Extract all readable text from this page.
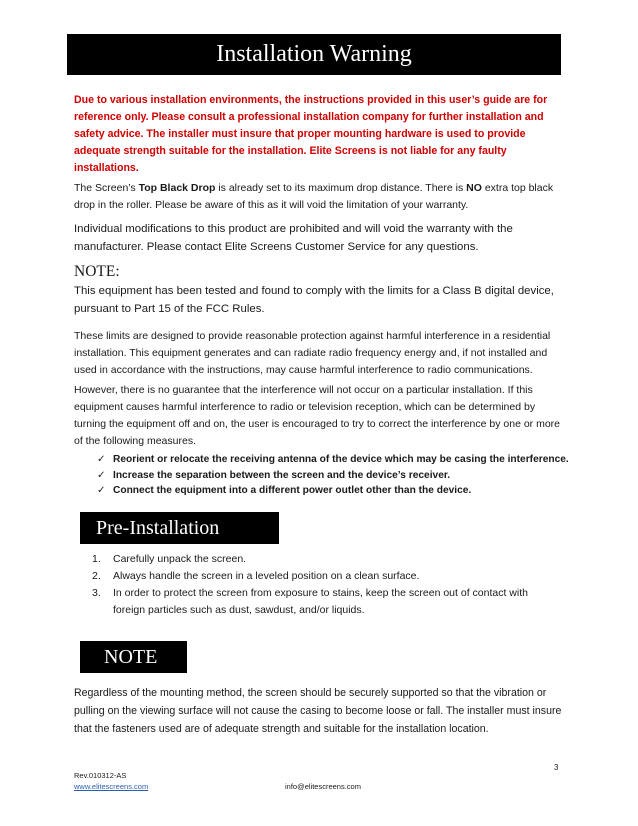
Installation Warning
Due to various installation environments, the instructions provided in this user’s guide are for reference only. Please consult a professional installation company for further installation and safety advice. The installer must insure that proper mounting hardware is used to provide adequate strength suitable for the installation. Elite Screens is not liable for any faulty installations.
The Screen’s Top Black Drop is already set to its maximum drop distance. There is NO extra top black drop in the roller. Please be aware of this as it will void the limitation of your warranty.
Individual modifications to this product are prohibited and will void the warranty with the manufacturer. Please contact Elite Screens Customer Service for any questions.
NOTE:
This equipment has been tested and found to comply with the limits for a Class B digital device, pursuant to Part 15 of the FCC Rules.
These limits are designed to provide reasonable protection against harmful interference in a residential installation. This equipment generates and can radiate radio frequency energy and, if not installed and used in accordance with the instructions, may cause harmful interference to radio communications.
However, there is no guarantee that the interference will not occur on a particular installation. If this equipment causes harmful interference to radio or television reception, which can be determined by turning the equipment off and on, the user is encouraged to try to correct the interference by one or more of the following measures.
✓ Reorient or relocate the receiving antenna of the device which may be casing the interference.
✓ Increase the separation between the screen and the device’s receiver.
✓ Connect the equipment into a different power outlet other than the device.
Pre-Installation
1.	Carefully unpack the screen.
2.	Always handle the screen in a leveled position on a clean surface.
3.	In order to protect the screen from exposure to stains, keep the screen out of contact with foreign particles such as dust, sawdust, and/or liquids.
NOTE
Regardless of the mounting method, the screen should be securely supported so that the vibration or pulling on the viewing surface will not cause the casing to become loose or fall. The installer must insure that the fasteners used are of adequate strength and suitable for the installation location.
3
Rev.010312-AS
www.elitescreens.com	info@elitescreens.com
